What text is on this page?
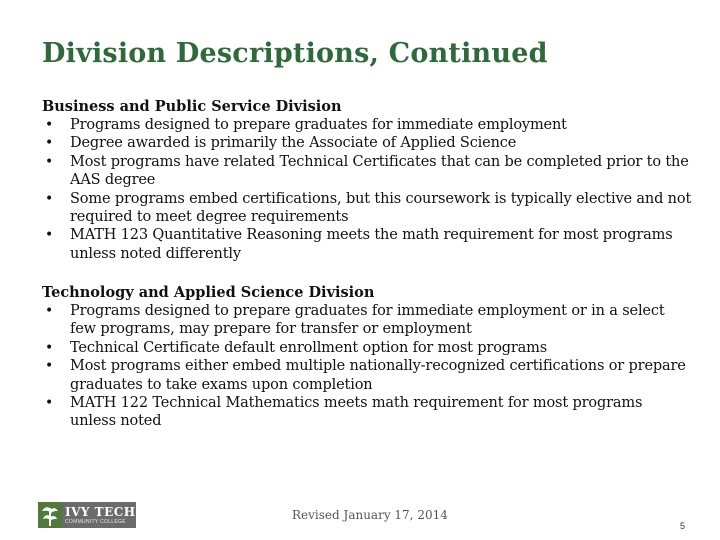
Division Descriptions, Continued

Business and Public Service Division

• Programs designed to prepare graduates for immediate employment
• Degree awarded is primarily the Associate of Applied Science
• Most programs have related Technical Certificates that can be completed prior to the AAS degree
• Some programs embed certifications, but this coursework is typically elective and not required to meet degree requirements
• MATH 123 Quantitative Reasoning meets the math requirement for most programs unless noted differently

Technology and Applied Science Division

• Programs designed to prepare graduates for immediate employment or in a select few programs, may prepare for transfer or employment
• Technical Certificate default enrollment option for most programs
• Most programs either embed multiple nationally-recognized certifications or prepare graduates to take exams upon completion
• MATH 122 Technical Mathematics meets math requirement for most programs unless noted
IVY TECH
COMMUNITY COLLEGE	Revised January 17, 2014
5
